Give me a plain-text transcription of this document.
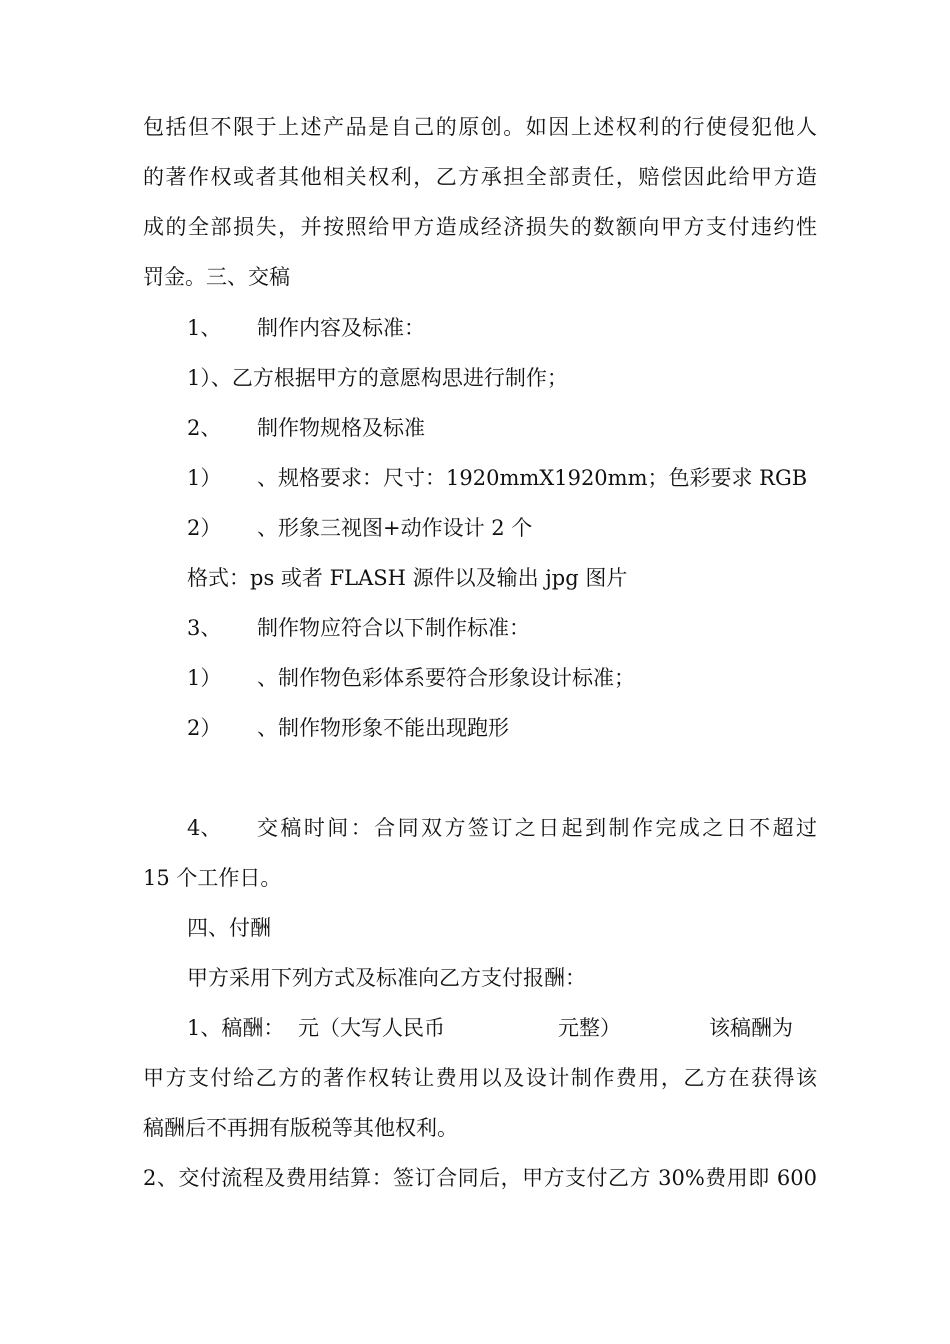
包括但不限于上述产品是自己的原创。如因上述权利的行使侵犯他人
的著作权或者其他相关权利，乙方承担全部责任，赔偿因此给甲方造
成的全部损失，并按照给甲方造成经济损失的数额向甲方支付违约性
罚金。三、交稿
1、 制作内容及标准：
1）、乙方根据甲方的意愿构思进行制作；
2、 制作物规格及标准
1） 、规格要求：尺寸：1920mmX1920mm；色彩要求 RGB
2） 、形象三视图+动作设计 2 个
格式：ps 或者 FLASH 源件以及输出 jpg 图片
3、 制作物应符合以下制作标准：
1） 、制作物色彩体系要符合形象设计标准；
2） 、制作物形象不能出现跑形
4、 交稿时间：合同双方签订之日起到制作完成之日不超过
15 个工作日。
四、付酬
甲方采用下列方式及标准向乙方支付报酬：
1、稿酬： 元（大写人民币	元整）	该稿酬为
甲方支付给乙方的著作权转让费用以及设计制作费用，乙方在获得该
稿酬后不再拥有版税等其他权利。
2、交付流程及费用结算：签订合同后，甲方支付乙方 30%费用即 600
